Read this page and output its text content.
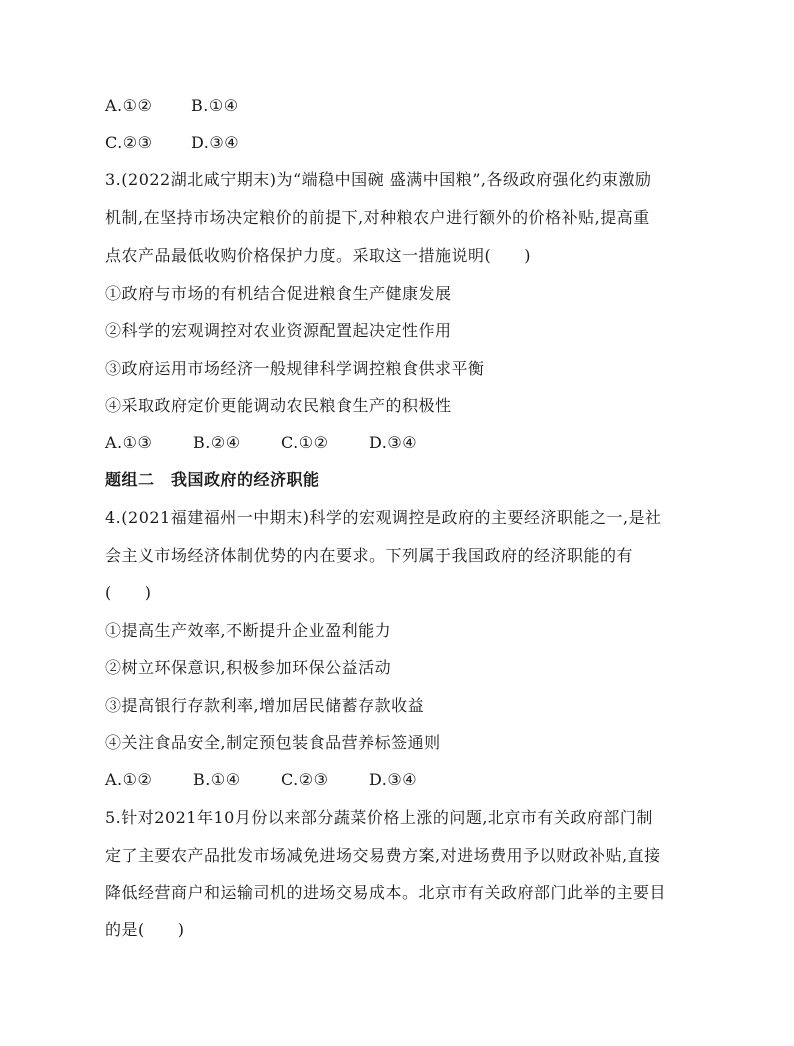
A.①② B.①④
C.②③ D.③④
3.(2022湖北咸宁期末)为“端稳中国碗 盛满中国粮”,各级政府强化约束激励
机制,在坚持市场决定粮价的前提下,对种粮农户进行额外的价格补贴,提高重
点农产品最低收购价格保护力度。采取这一措施说明(　　)
①政府与市场的有机结合促进粮食生产健康发展
②科学的宏观调控对农业资源配置起决定性作用
③政府运用市场经济一般规律科学调控粮食供求平衡
④采取政府定价更能调动农民粮食生产的积极性
A.①③	B.②④	C.①②	D.③④
题组二　我国政府的经济职能
4.(2021福建福州一中期末)科学的宏观调控是政府的主要经济职能之一,是社
会主义市场经济体制优势的内在要求。下列属于我国政府的经济职能的有
(　　)
①提高生产效率,不断提升企业盈利能力
②树立环保意识,积极参加环保公益活动
③提高银行存款利率,增加居民储蓄存款收益
④关注食品安全,制定预包装食品营养标签通则
A.①②	B.①④	C.②③	D.③④
5.针对2021年10月份以来部分蔬菜价格上涨的问题,北京市有关政府部门制
定了主要农产品批发市场减免进场交易费方案,对进场费用予以财政补贴,直接
降低经营商户和运输司机的进场交易成本。北京市有关政府部门此举的主要目
的是(　　)
